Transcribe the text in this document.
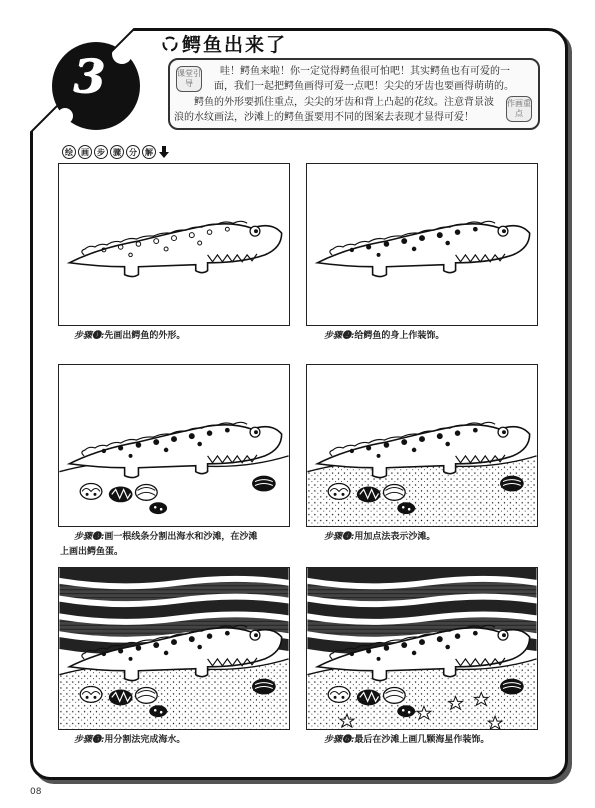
3
鳄鱼出来了
课堂引导

哇！鳄鱼来啦！你一定觉得鳄鱼很可怕吧！其实鳄鱼也有可爱的一

面，我们一起把鳄鱼画得可爱一点吧！尖尖的牙齿也要画得萌萌的。

鳄鱼的外形要抓住重点，尖尖的牙齿和背上凸起的花纹。注意背景波

浪的水纹画法，沙滩上的鳄鱼蛋要用不同的图案去表现才显得可爱！

作画重点
绘	画	步	骤	分	解
步骤❶:先画出鳄鱼的外形。	步骤❷:给鳄鱼的身上作装饰。
步骤❸:画一根线条分割出海水和沙滩，在沙滩
上画出鳄鱼蛋。
步骤❹:用加点法表示沙滩。
步骤❺:用分割法完成海水。	步骤❻:最后在沙滩上画几颗海星作装饰。
08
